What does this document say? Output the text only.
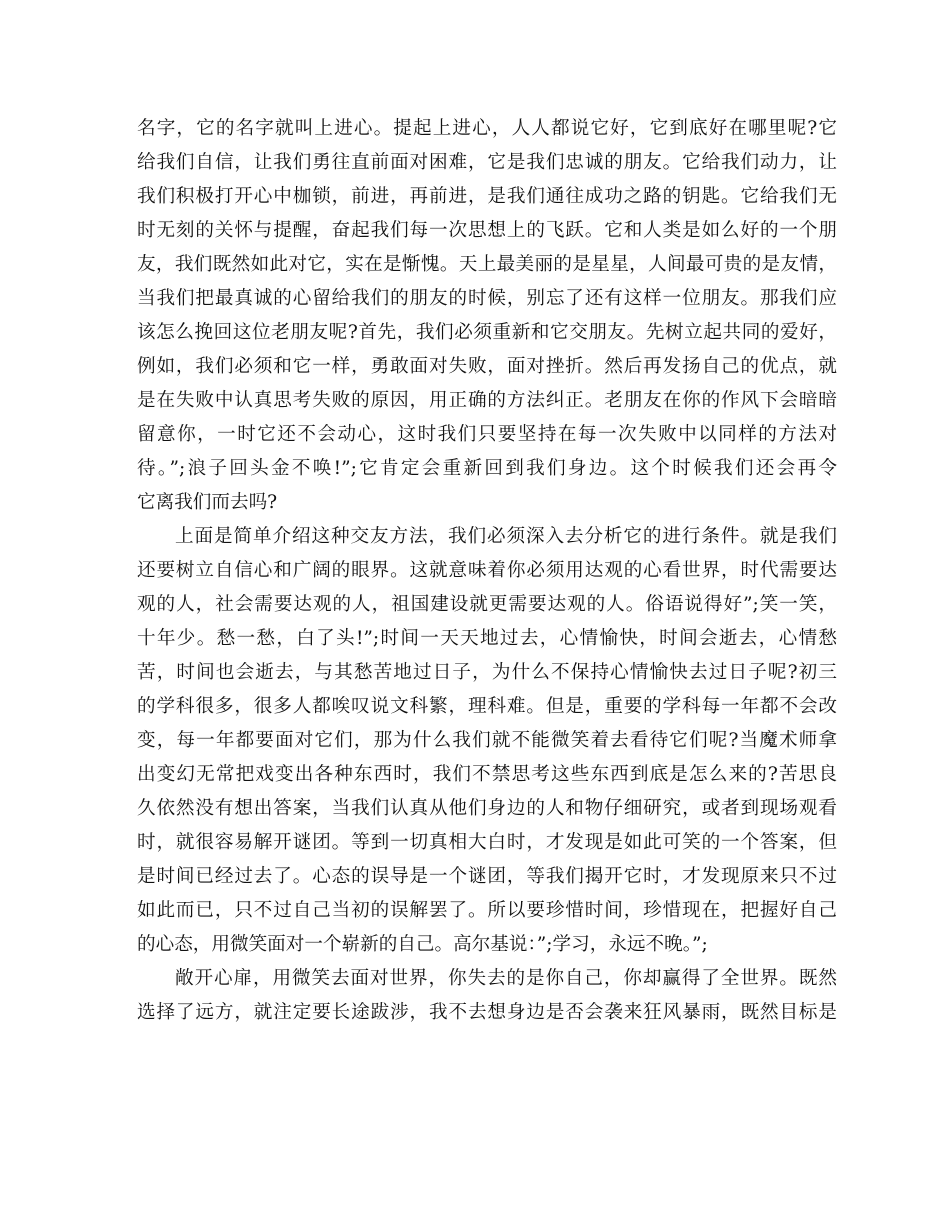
名字，它的名字就叫上进心。提起上进心，人人都说它好，它到底好在哪里呢?它
给我们自信，让我们勇往直前面对困难，它是我们忠诚的朋友。它给我们动力，让
我们积极打开心中枷锁，前进，再前进，是我们通往成功之路的钥匙。它给我们无
时无刻的关怀与提醒，奋起我们每一次思想上的飞跃。它和人类是如么好的一个朋
友，我们既然如此对它，实在是惭愧。天上最美丽的是星星，人间最可贵的是友情，
当我们把最真诚的心留给我们的朋友的时候，别忘了还有这样一位朋友。那我们应
该怎么挽回这位老朋友呢?首先，我们必须重新和它交朋友。先树立起共同的爱好，
例如，我们必须和它一样，勇敢面对失败，面对挫折。然后再发扬自己的优点，就
是在失败中认真思考失败的原因，用正确的方法纠正。老朋友在你的作风下会暗暗
留意你，一时它还不会动心，这时我们只要坚持在每一次失败中以同样的方法对
待。”;浪子回头金不唤!”;它肯定会重新回到我们身边。这个时候我们还会再令
它离我们而去吗?
上面是简单介绍这种交友方法，我们必须深入去分析它的进行条件。就是我们
还要树立自信心和广阔的眼界。这就意味着你必须用达观的心看世界，时代需要达
观的人，社会需要达观的人，祖国建设就更需要达观的人。俗语说得好”;笑一笑，
十年少。愁一愁，白了头!”;时间一天天地过去，心情愉快，时间会逝去，心情愁
苦，时间也会逝去，与其愁苦地过日子，为什么不保持心情愉快去过日子呢?初三
的学科很多，很多人都唉叹说文科繁，理科难。但是，重要的学科每一年都不会改
变，每一年都要面对它们，那为什么我们就不能微笑着去看待它们呢?当魔术师拿
出变幻无常把戏变出各种东西时，我们不禁思考这些东西到底是怎么来的?苦思良
久依然没有想出答案，当我们认真从他们身边的人和物仔细研究，或者到现场观看
时，就很容易解开谜团。等到一切真相大白时，才发现是如此可笑的一个答案，但
是时间已经过去了。心态的误导是一个谜团，等我们揭开它时，才发现原来只不过
如此而已，只不过自己当初的误解罢了。所以要珍惜时间，珍惜现在，把握好自己
的心态，用微笑面对一个崭新的自己。高尔基说：”;学习，永远不晚。”;
敞开心扉，用微笑去面对世界，你失去的是你自己，你却赢得了全世界。既然
选择了远方，就注定要长途跋涉，我不去想身边是否会袭来狂风暴雨，既然目标是
